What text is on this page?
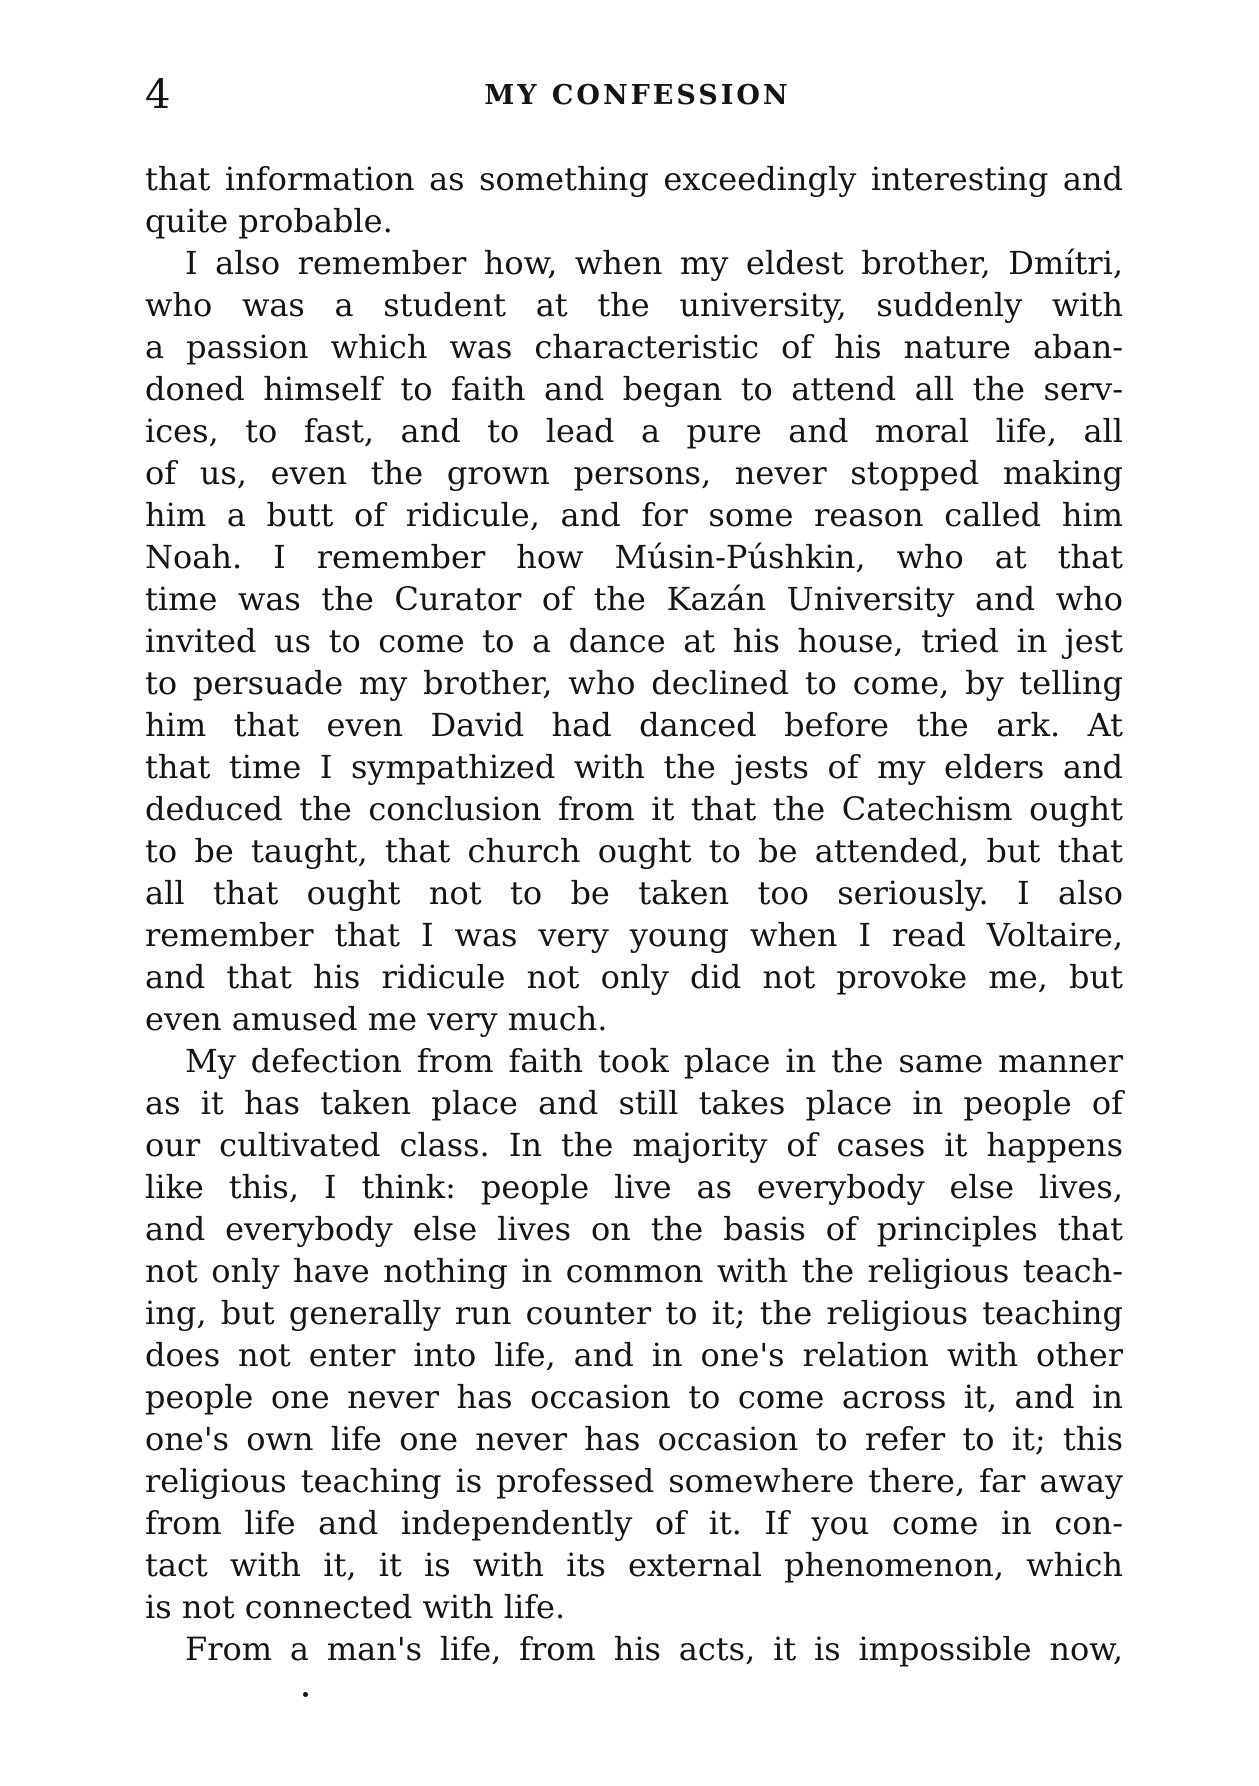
4	MY CONFESSION
that information as something exceedingly interesting and
quite probable.
I also remember how, when my eldest brother, Dmítri,
who was a student at the university, suddenly with
a passion which was characteristic of his nature aban-
doned himself to faith and began to attend all the serv-
ices, to fast, and to lead a pure and moral life, all
of us, even the grown persons, never stopped making
him a butt of ridicule, and for some reason called him
Noah. I remember how Músin-Púshkin, who at that
time was the Curator of the Kazán University and who
invited us to come to a dance at his house, tried in jest
to persuade my brother, who declined to come, by telling
him that even David had danced before the ark. At
that time I sympathized with the jests of my elders and
deduced the conclusion from it that the Catechism ought
to be taught, that church ought to be attended, but that
all that ought not to be taken too seriously. I also
remember that I was very young when I read Voltaire,
and that his ridicule not only did not provoke me, but
even amused me very much.
My defection from faith took place in the same manner
as it has taken place and still takes place in people of
our cultivated class. In the majority of cases it happens
like this, I think: people live as everybody else lives,
and everybody else lives on the basis of principles that
not only have nothing in common with the religious teach-
ing, but generally run counter to it; the religious teaching
does not enter into life, and in one's relation with other
people one never has occasion to come across it, and in
one's own life one never has occasion to refer to it; this
religious teaching is professed somewhere there, far away
from life and independently of it. If you come in con-
tact with it, it is with its external phenomenon, which
is not connected with life.
From a man's life, from his acts, it is impossible now,
